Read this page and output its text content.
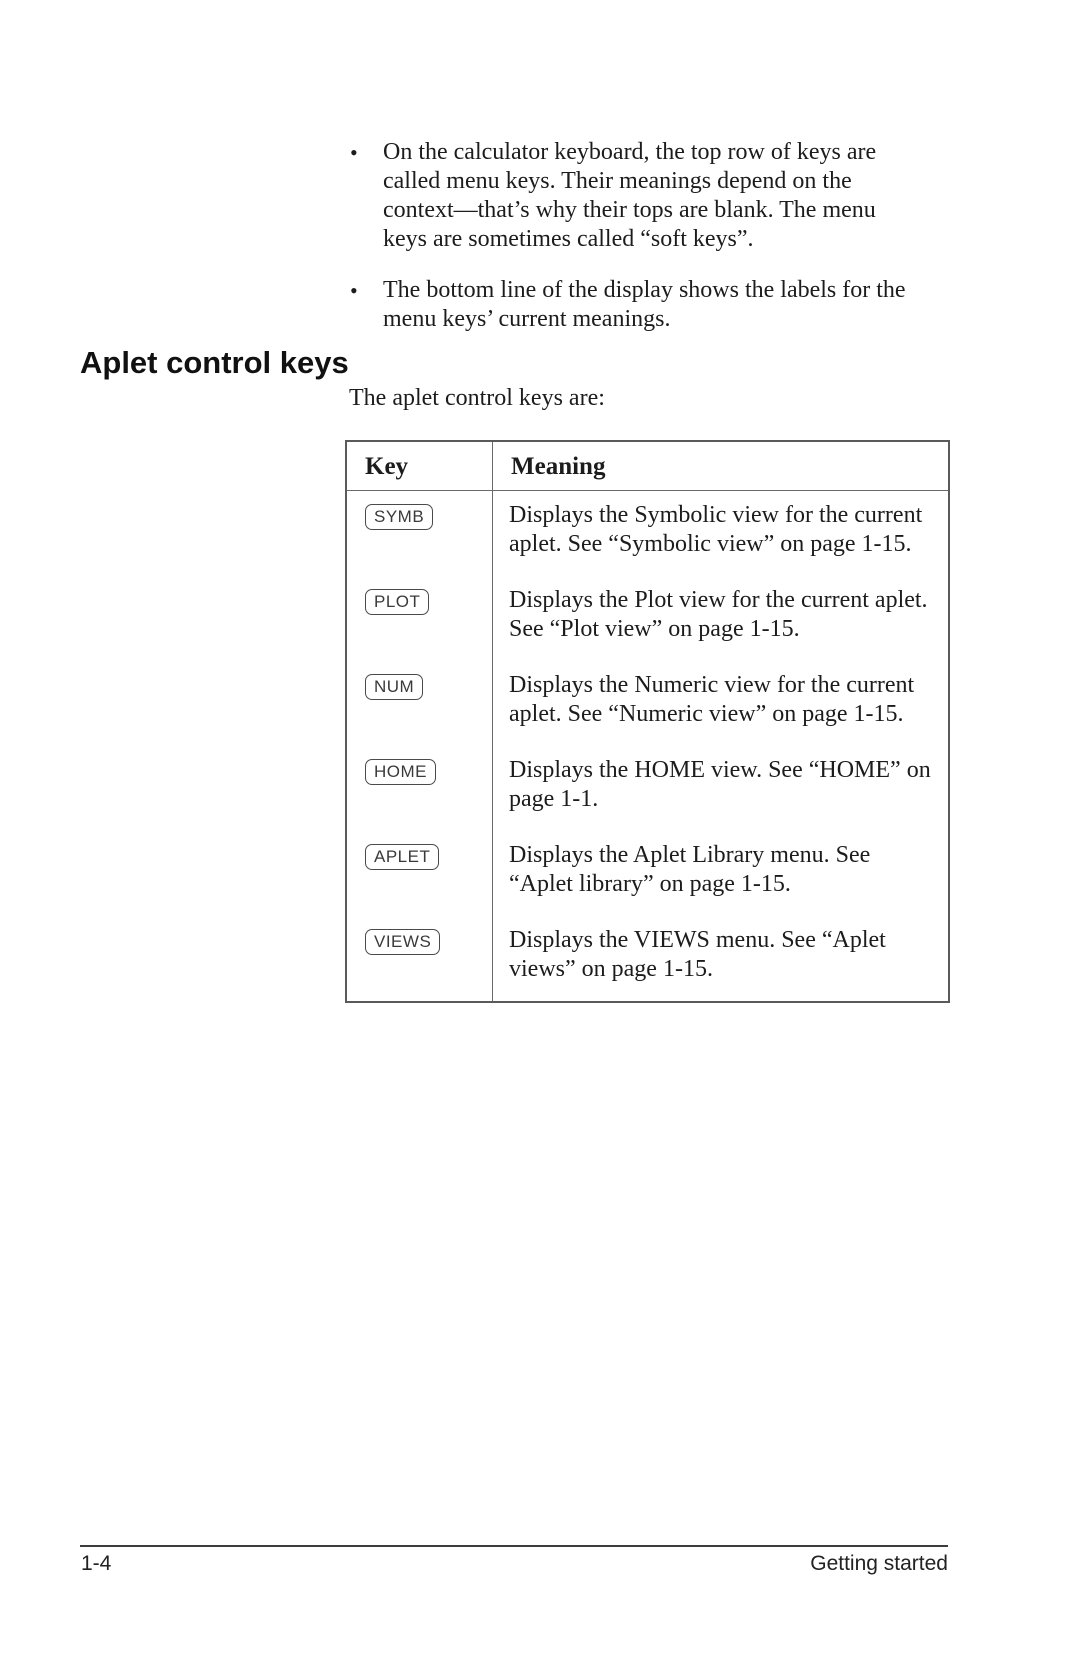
On the calculator keyboard, the top row of keys are called menu keys. Their meanings depend on the context—that’s why their tops are blank. The menu keys are sometimes called “soft keys”.
The bottom line of the display shows the labels for the menu keys’ current meanings.
Aplet control keys

The aplet control keys are:

Key	Meaning
SYMB	Displays the Symbolic view for the current aplet. See “Symbolic view” on page 1-15.

PLOT	Displays the Plot view for the current aplet. See “Plot view” on page 1-15.

NUM	Displays the Numeric view for the current aplet. See “Numeric view” on page 1-15.

HOME	Displays the HOME view. See “HOME” on page 1-1.

APLET	Displays the Aplet Library menu. See “Aplet library” on page 1-15.

VIEWS	Displays the VIEWS menu. See “Aplet views” on page 1-15.

1-4	Getting started
